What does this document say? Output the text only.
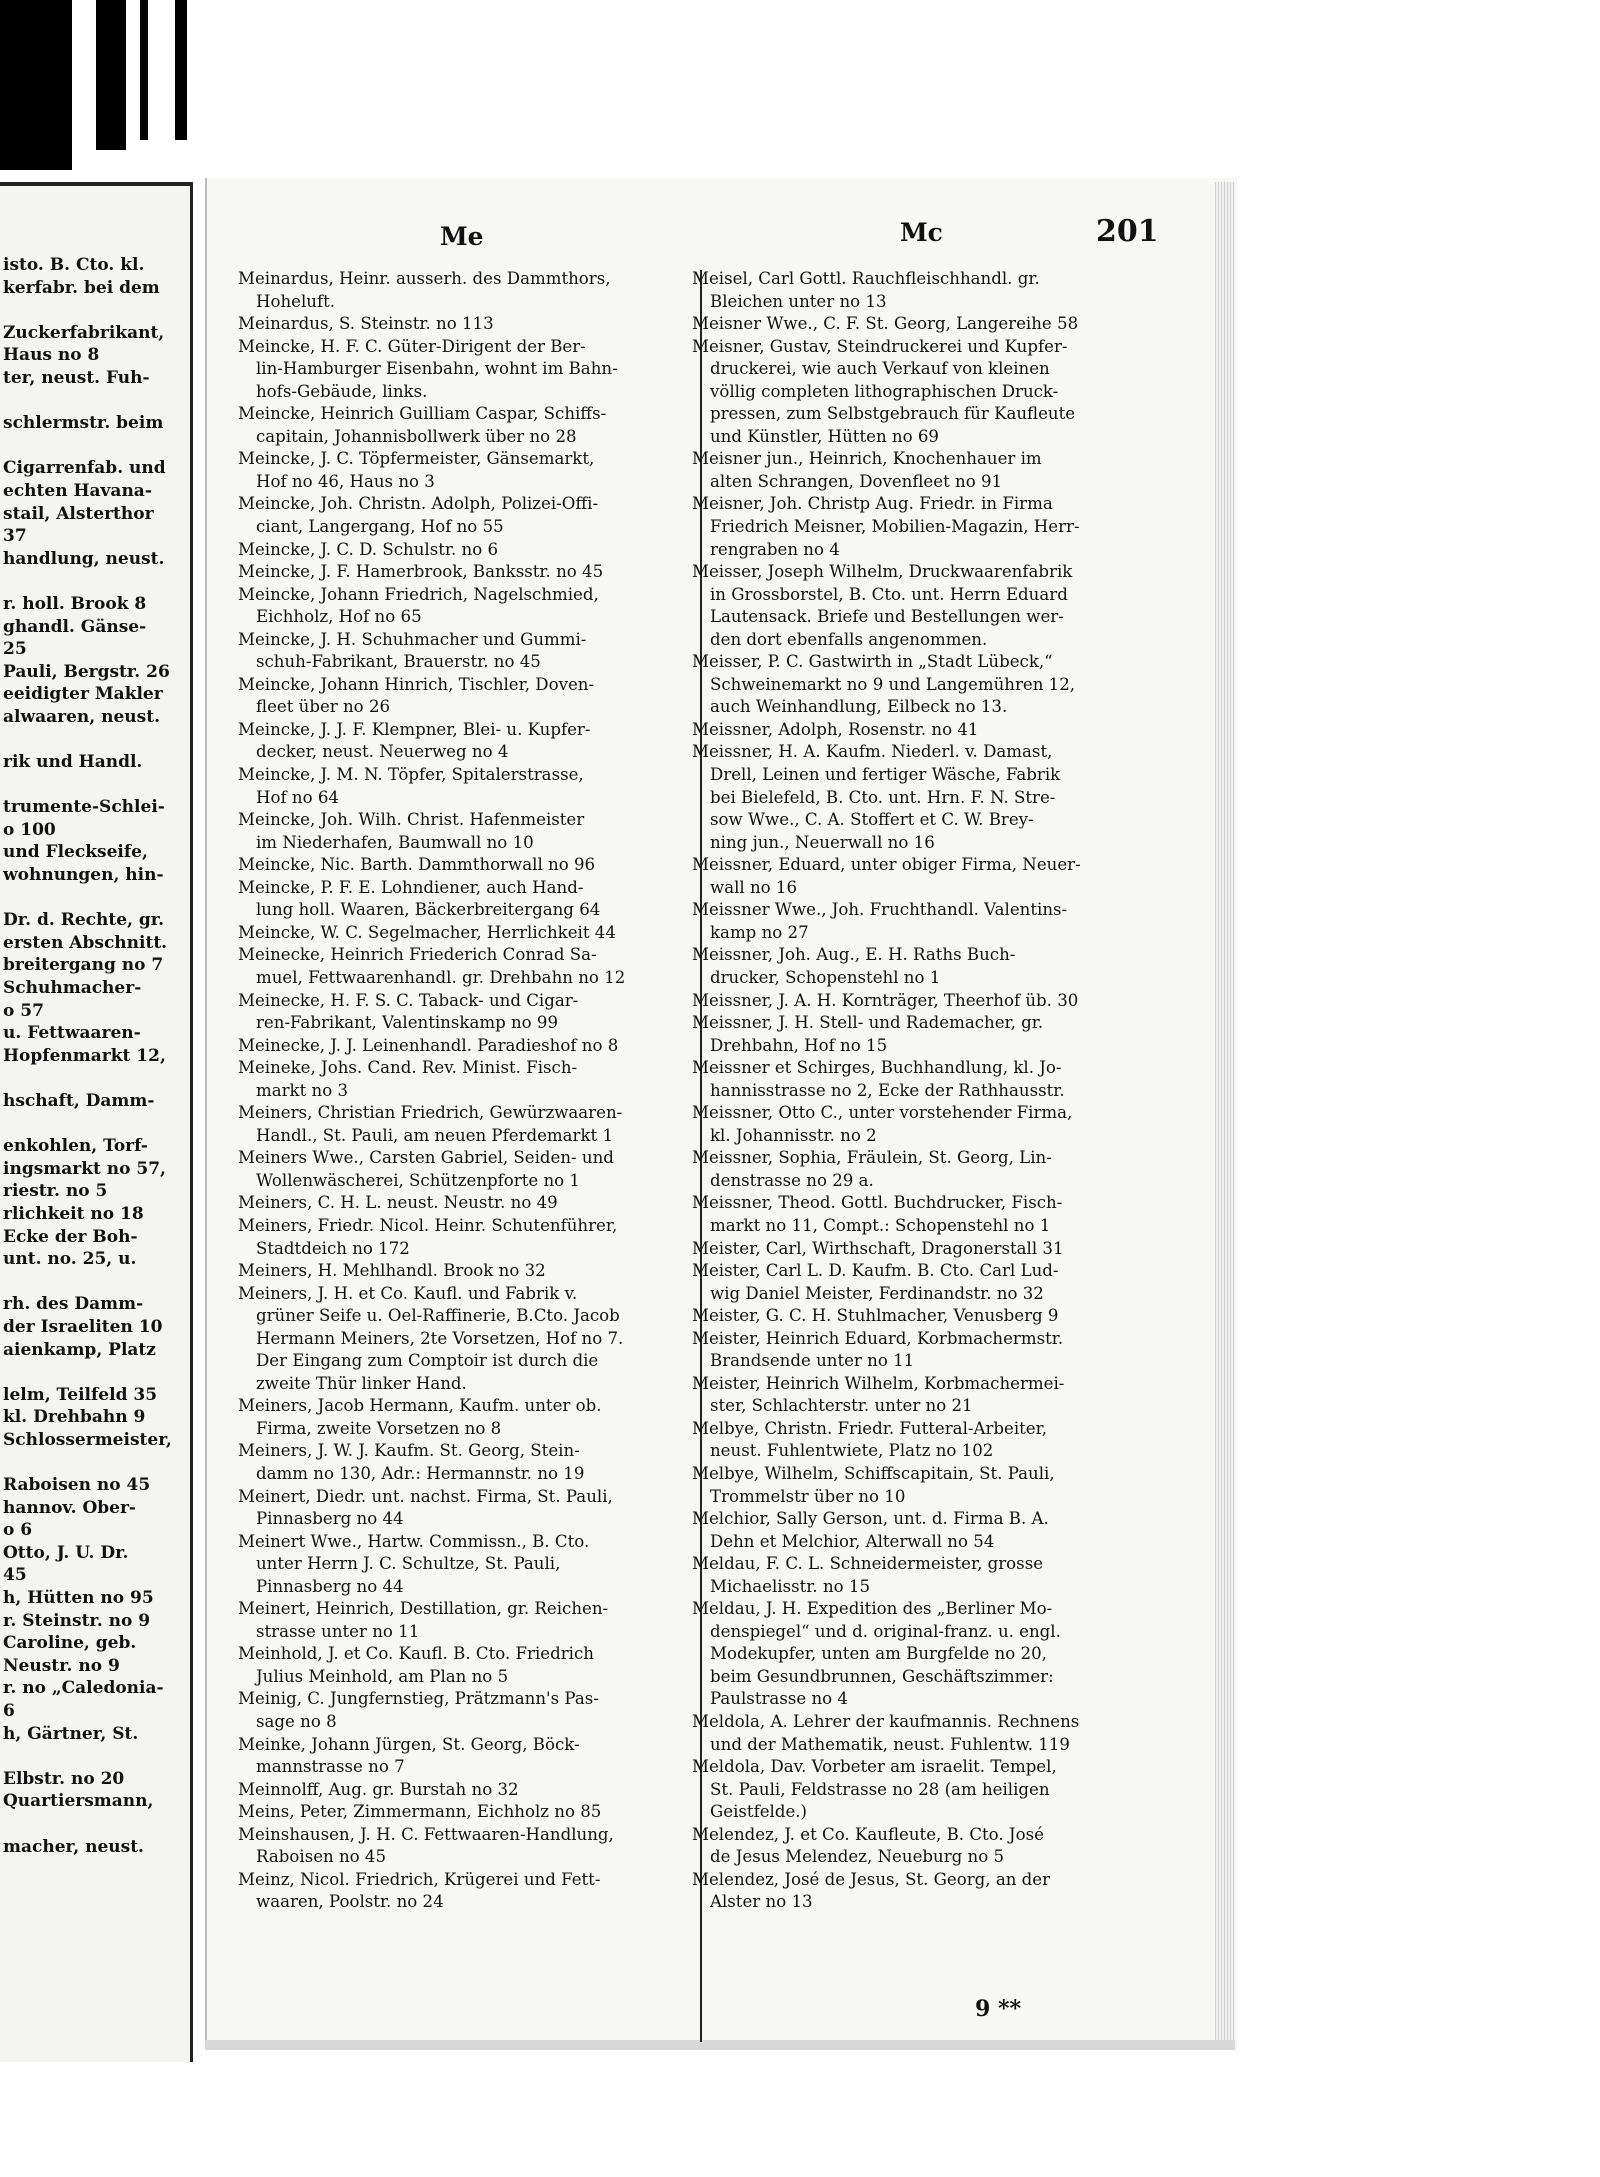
isto. B. Cto. kl.
kerfabr. bei dem

Zuckerfabrikant,
Haus no 8
ter, neust. Fuh-

schlermstr. beim

Cigarrenfab. und
echten Havana-
stail, Alsterthor
37
handlung, neust.

r. holl. Brook 8
ghandl. Gänse-
25
Pauli, Bergstr. 26
eeidigter Makler
alwaaren, neust.

rik und Handl.

trumente-Schlei-
o 100
und Fleckseife,
wohnungen, hin-

Dr. d. Rechte, gr.
ersten Abschnitt.
breitergang no 7
Schuhmacher-
o 57
u. Fettwaaren-
Hopfenmarkt 12,

hschaft, Damm-

enkohlen, Torf-
ingsmarkt no 57,
riestr. no 5
rlichkeit no 18
Ecke der Boh-
unt. no. 25, u.

rh. des Damm-
der Israeliten 10
aienkamp, Platz

lelm, Teilfeld 35
kl. Drehbahn 9
Schlossermeister,

Raboisen no 45
hannov. Ober-
o 6
Otto, J. U. Dr.
45
h, Hütten no 95
r. Steinstr. no 9
Caroline, geb.
Neustr. no 9
r. no „Caledonia-
6
h, Gärtner, St.

Elbstr. no 20
Quartiersmann,

macher, neust.
Me	Mc	201
Meinardus, Heinr. ausserh. des Dammthors,
Hoheluft.
Meinardus, S. Steinstr. no 113
Meincke, H. F. C. Güter-Dirigent der Ber-
lin-Hamburger Eisenbahn, wohnt im Bahn-
hofs-Gebäude, links.
Meincke, Heinrich Guilliam Caspar, Schiffs-
capitain, Johannisbollwerk über no 28
Meincke, J. C. Töpfermeister, Gänsemarkt,
Hof no 46, Haus no 3
Meincke, Joh. Christn. Adolph, Polizei-Offi-
ciant, Langergang, Hof no 55
Meincke, J. C. D. Schulstr. no 6
Meincke, J. F. Hamerbrook, Banksstr. no 45
Meincke, Johann Friedrich, Nagelschmied,
Eichholz, Hof no 65
Meincke, J. H. Schuhmacher und Gummi-
schuh-Fabrikant, Brauerstr. no 45
Meincke, Johann Hinrich, Tischler, Doven-
fleet über no 26
Meincke, J. J. F. Klempner, Blei- u. Kupfer-
decker, neust. Neuerweg no 4
Meincke, J. M. N. Töpfer, Spitalerstrasse,
Hof no 64
Meincke, Joh. Wilh. Christ. Hafenmeister
im Niederhafen, Baumwall no 10
Meincke, Nic. Barth. Dammthorwall no 96
Meincke, P. F. E. Lohndiener, auch Hand-
lung holl. Waaren, Bäckerbreitergang 64
Meincke, W. C. Segelmacher, Herrlichkeit 44
Meinecke, Heinrich Friederich Conrad Sa-
muel, Fettwaarenhandl. gr. Drehbahn no 12
Meinecke, H. F. S. C. Taback- und Cigar-
ren-Fabrikant, Valentinskamp no 99
Meinecke, J. J. Leinenhandl. Paradieshof no 8
Meineke, Johs. Cand. Rev. Minist. Fisch-
markt no 3
Meiners, Christian Friedrich, Gewürzwaaren-
Handl., St. Pauli, am neuen Pferdemarkt 1
Meiners Wwe., Carsten Gabriel, Seiden- und
Wollenwäscherei, Schützenpforte no 1
Meiners, C. H. L. neust. Neustr. no 49
Meiners, Friedr. Nicol. Heinr. Schutenführer,
Stadtdeich no 172
Meiners, H. Mehlhandl. Brook no 32
Meiners, J. H. et Co. Kaufl. und Fabrik v.
grüner Seife u. Oel-Raffinerie, B.Cto. Jacob
Hermann Meiners, 2te Vorsetzen, Hof no 7.
Der Eingang zum Comptoir ist durch die
zweite Thür linker Hand.
Meiners, Jacob Hermann, Kaufm. unter ob.
Firma, zweite Vorsetzen no 8
Meiners, J. W. J. Kaufm. St. Georg, Stein-
damm no 130, Adr.: Hermannstr. no 19
Meinert, Diedr. unt. nachst. Firma, St. Pauli,
Pinnasberg no 44
Meinert Wwe., Hartw. Commissn., B. Cto.
unter Herrn J. C. Schultze, St. Pauli,
Pinnasberg no 44
Meinert, Heinrich, Destillation, gr. Reichen-
strasse unter no 11
Meinhold, J. et Co. Kaufl. B. Cto. Friedrich
Julius Meinhold, am Plan no 5
Meinig, C. Jungfernstieg, Prätzmann's Pas-
sage no 8
Meinke, Johann Jürgen, St. Georg, Böck-
mannstrasse no 7
Meinnolff, Aug. gr. Burstah no 32
Meins, Peter, Zimmermann, Eichholz no 85
Meinshausen, J. H. C. Fettwaaren-Handlung,
Raboisen no 45
Meinz, Nicol. Friedrich, Krügerei und Fett-
waaren, Poolstr. no 24
Meisel, Carl Gottl. Rauchfleischhandl. gr.
Bleichen unter no 13
Meisner Wwe., C. F. St. Georg, Langereihe 58
Meisner, Gustav, Steindruckerei und Kupfer-
druckerei, wie auch Verkauf von kleinen
völlig completen lithographischen Druck-
pressen, zum Selbstgebrauch für Kaufleute
und Künstler, Hütten no 69
Meisner jun., Heinrich, Knochenhauer im
alten Schrangen, Dovenfleet no 91
Meisner, Joh. Christp Aug. Friedr. in Firma
Friedrich Meisner, Mobilien-Magazin, Herr-
rengraben no 4
Meisser, Joseph Wilhelm, Druckwaarenfabrik
in Grossborstel, B. Cto. unt. Herrn Eduard
Lautensack. Briefe und Bestellungen wer-
den dort ebenfalls angenommen.
Meisser, P. C. Gastwirth in „Stadt Lübeck,“
Schweinemarkt no 9 und Langemühren 12,
auch Weinhandlung, Eilbeck no 13.
Meissner, Adolph, Rosenstr. no 41
Meissner, H. A. Kaufm. Niederl. v. Damast,
Drell, Leinen und fertiger Wäsche, Fabrik
bei Bielefeld, B. Cto. unt. Hrn. F. N. Stre-
sow Wwe., C. A. Stoffert et C. W. Brey-
ning jun., Neuerwall no 16
Meissner, Eduard, unter obiger Firma, Neuer-
wall no 16
Meissner Wwe., Joh. Fruchthandl. Valentins-
kamp no 27
Meissner, Joh. Aug., E. H. Raths Buch-
drucker, Schopenstehl no 1
Meissner, J. A. H. Kornträger, Theerhof üb. 30
Meissner, J. H. Stell- und Rademacher, gr.
Drehbahn, Hof no 15
Meissner et Schirges, Buchhandlung, kl. Jo-
hannisstrasse no 2, Ecke der Rathhausstr.
Meissner, Otto C., unter vorstehender Firma,
kl. Johannisstr. no 2
Meissner, Sophia, Fräulein, St. Georg, Lin-
denstrasse no 29 a.
Meissner, Theod. Gottl. Buchdrucker, Fisch-
markt no 11, Compt.: Schopenstehl no 1
Meister, Carl, Wirthschaft, Dragonerstall 31
Meister, Carl L. D. Kaufm. B. Cto. Carl Lud-
wig Daniel Meister, Ferdinandstr. no 32
Meister, G. C. H. Stuhlmacher, Venusberg 9
Meister, Heinrich Eduard, Korbmachermstr.
Brandsende unter no 11
Meister, Heinrich Wilhelm, Korbmachermei-
ster, Schlachterstr. unter no 21
Melbye, Christn. Friedr. Futteral-Arbeiter,
neust. Fuhlentwiete, Platz no 102
Melbye, Wilhelm, Schiffscapitain, St. Pauli,
Trommelstr über no 10
Melchior, Sally Gerson, unt. d. Firma B. A.
Dehn et Melchior, Alterwall no 54
Meldau, F. C. L. Schneidermeister, grosse
Michaelisstr. no 15
Meldau, J. H. Expedition des „Berliner Mo-
denspiegel“ und d. original-franz. u. engl.
Modekupfer, unten am Burgfelde no 20,
beim Gesundbrunnen, Geschäftszimmer:
Paulstrasse no 4
Meldola, A. Lehrer der kaufmannis. Rechnens
und der Mathematik, neust. Fuhlentw. 119
Meldola, Dav. Vorbeter am israelit. Tempel,
St. Pauli, Feldstrasse no 28 (am heiligen
Geistfelde.)
Melendez, J. et Co. Kaufleute, B. Cto. José
de Jesus Melendez, Neueburg no 5
Melendez, José de Jesus, St. Georg, an der
Alster no 13
9 **
